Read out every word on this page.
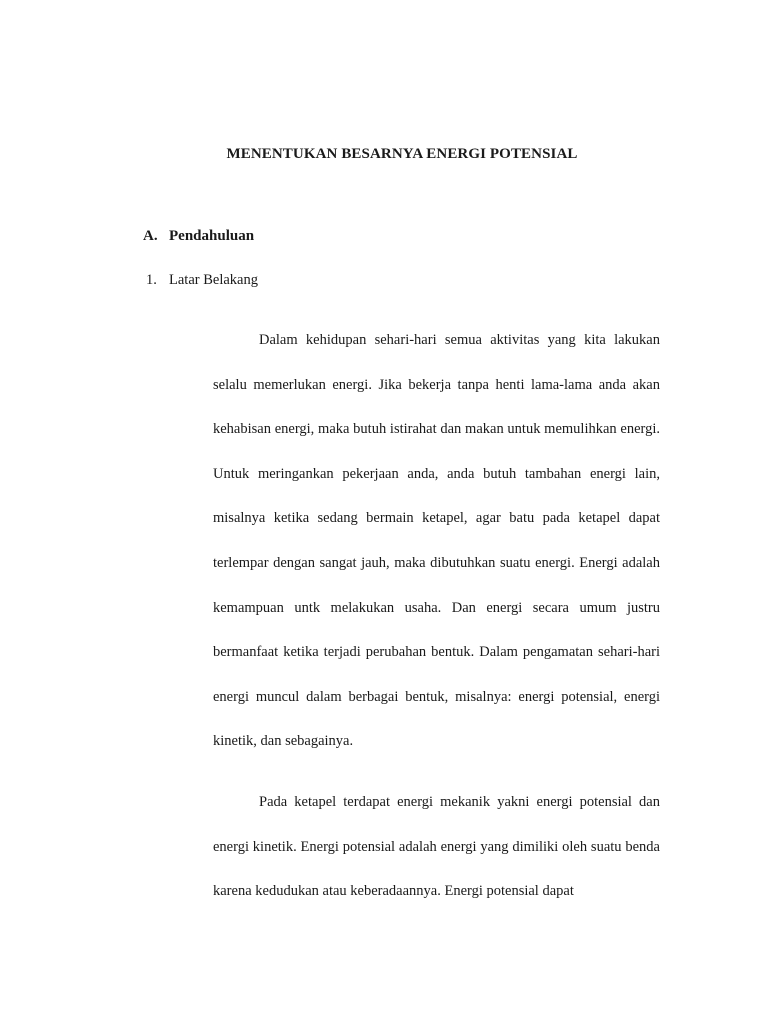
MENENTUKAN BESARNYA ENERGI POTENSIAL
A. Pendahuluan
1. Latar Belakang

Dalam kehidupan sehari-hari semua aktivitas yang kita lakukan selalu memerlukan energi. Jika bekerja tanpa henti lama-lama anda akan kehabisan energi, maka butuh istirahat dan makan untuk memulihkan energi. Untuk meringankan pekerjaan anda, anda butuh tambahan energi lain, misalnya ketika sedang bermain ketapel, agar batu pada ketapel dapat terlempar dengan sangat jauh, maka dibutuhkan suatu energi. Energi adalah kemampuan untk melakukan usaha. Dan energi secara umum justru bermanfaat ketika terjadi perubahan bentuk. Dalam pengamatan sehari-hari energi muncul dalam berbagai bentuk, misalnya: energi potensial, energi kinetik, dan sebagainya.

Pada ketapel terdapat energi mekanik yakni energi potensial dan energi kinetik. Energi potensial adalah energi yang dimiliki oleh suatu benda karena kedudukan atau keberadaannya. Energi potensial dapat
